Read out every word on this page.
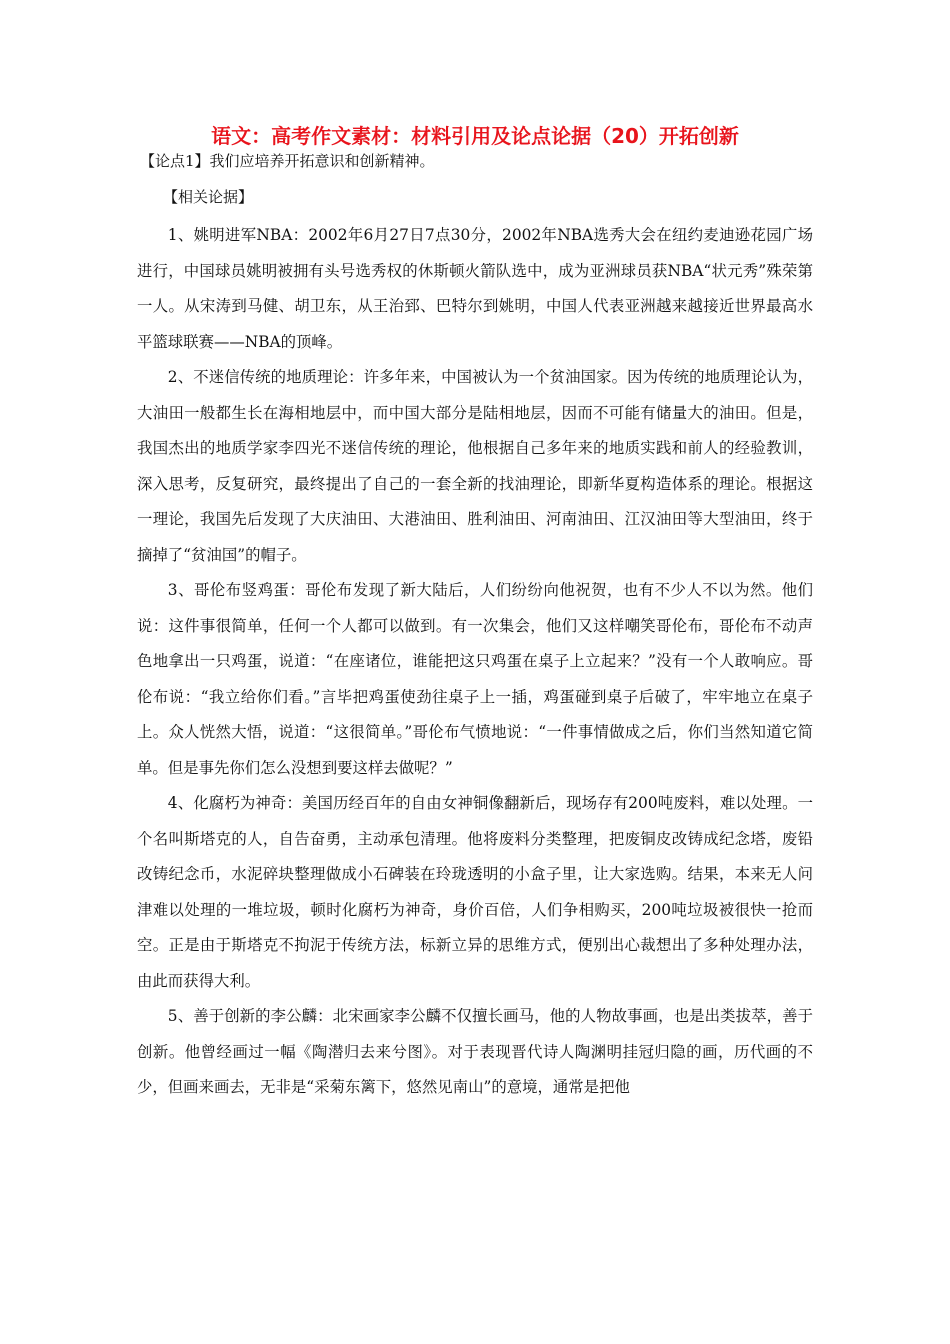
语文：高考作文素材：材料引用及论点论据（20）开拓创新
【论点1】我们应培养开拓意识和创新精神。
【相关论据】

1、姚明进军NBA：2002年6月27日7点30分，2002年NBA选秀大会在纽约麦迪逊花园广场进行，中国球员姚明被拥有头号选秀权的休斯顿火箭队选中，成为亚洲球员获NBA“状元秀”殊荣第一人。从宋涛到马健、胡卫东，从王治郅、巴特尔到姚明，中国人代表亚洲越来越接近世界最高水平篮球联赛——NBA的顶峰。

2、不迷信传统的地质理论：许多年来，中国被认为一个贫油国家。因为传统的地质理论认为，大油田一般都生长在海相地层中，而中国大部分是陆相地层，因而不可能有储量大的油田。但是，我国杰出的地质学家李四光不迷信传统的理论，他根据自己多年来的地质实践和前人的经验教训，深入思考，反复研究，最终提出了自己的一套全新的找油理论，即新华夏构造体系的理论。根据这一理论，我国先后发现了大庆油田、大港油田、胜利油田、河南油田、江汉油田等大型油田，终于摘掉了“贫油国”的帽子。

3、哥伦布竖鸡蛋：哥伦布发现了新大陆后，人们纷纷向他祝贺，也有不少人不以为然。他们说：这件事很简单，任何一个人都可以做到。有一次集会，他们又这样嘲笑哥伦布，哥伦布不动声色地拿出一只鸡蛋，说道：“在座诸位，谁能把这只鸡蛋在桌子上立起来？”没有一个人敢响应。哥伦布说：“我立给你们看。”言毕把鸡蛋使劲往桌子上一插，鸡蛋碰到桌子后破了，牢牢地立在桌子上。众人恍然大悟，说道：“这很简单。”哥伦布气愤地说：“一件事情做成之后，你们当然知道它简单。但是事先你们怎么没想到要这样去做呢？”

4、化腐朽为神奇：美国历经百年的自由女神铜像翻新后，现场存有200吨废料，难以处理。一个名叫斯塔克的人，自告奋勇，主动承包清理。他将废料分类整理，把废铜皮改铸成纪念塔，废铅改铸纪念币，水泥碎块整理做成小石碑装在玲珑透明的小盒子里，让大家选购。结果，本来无人问津难以处理的一堆垃圾，顿时化腐朽为神奇，身价百倍，人们争相购买，200吨垃圾被很快一抢而空。正是由于斯塔克不拘泥于传统方法，标新立异的思维方式，便别出心裁想出了多种处理办法，由此而获得大利。

5、善于创新的李公麟：北宋画家李公麟不仅擅长画马，他的人物故事画，也是出类拔萃，善于创新。他曾经画过一幅《陶潜归去来兮图》。对于表现晋代诗人陶渊明挂冠归隐的画，历代画的不少，但画来画去，无非是“采菊东篱下，悠然见南山”的意境，通常是把他
